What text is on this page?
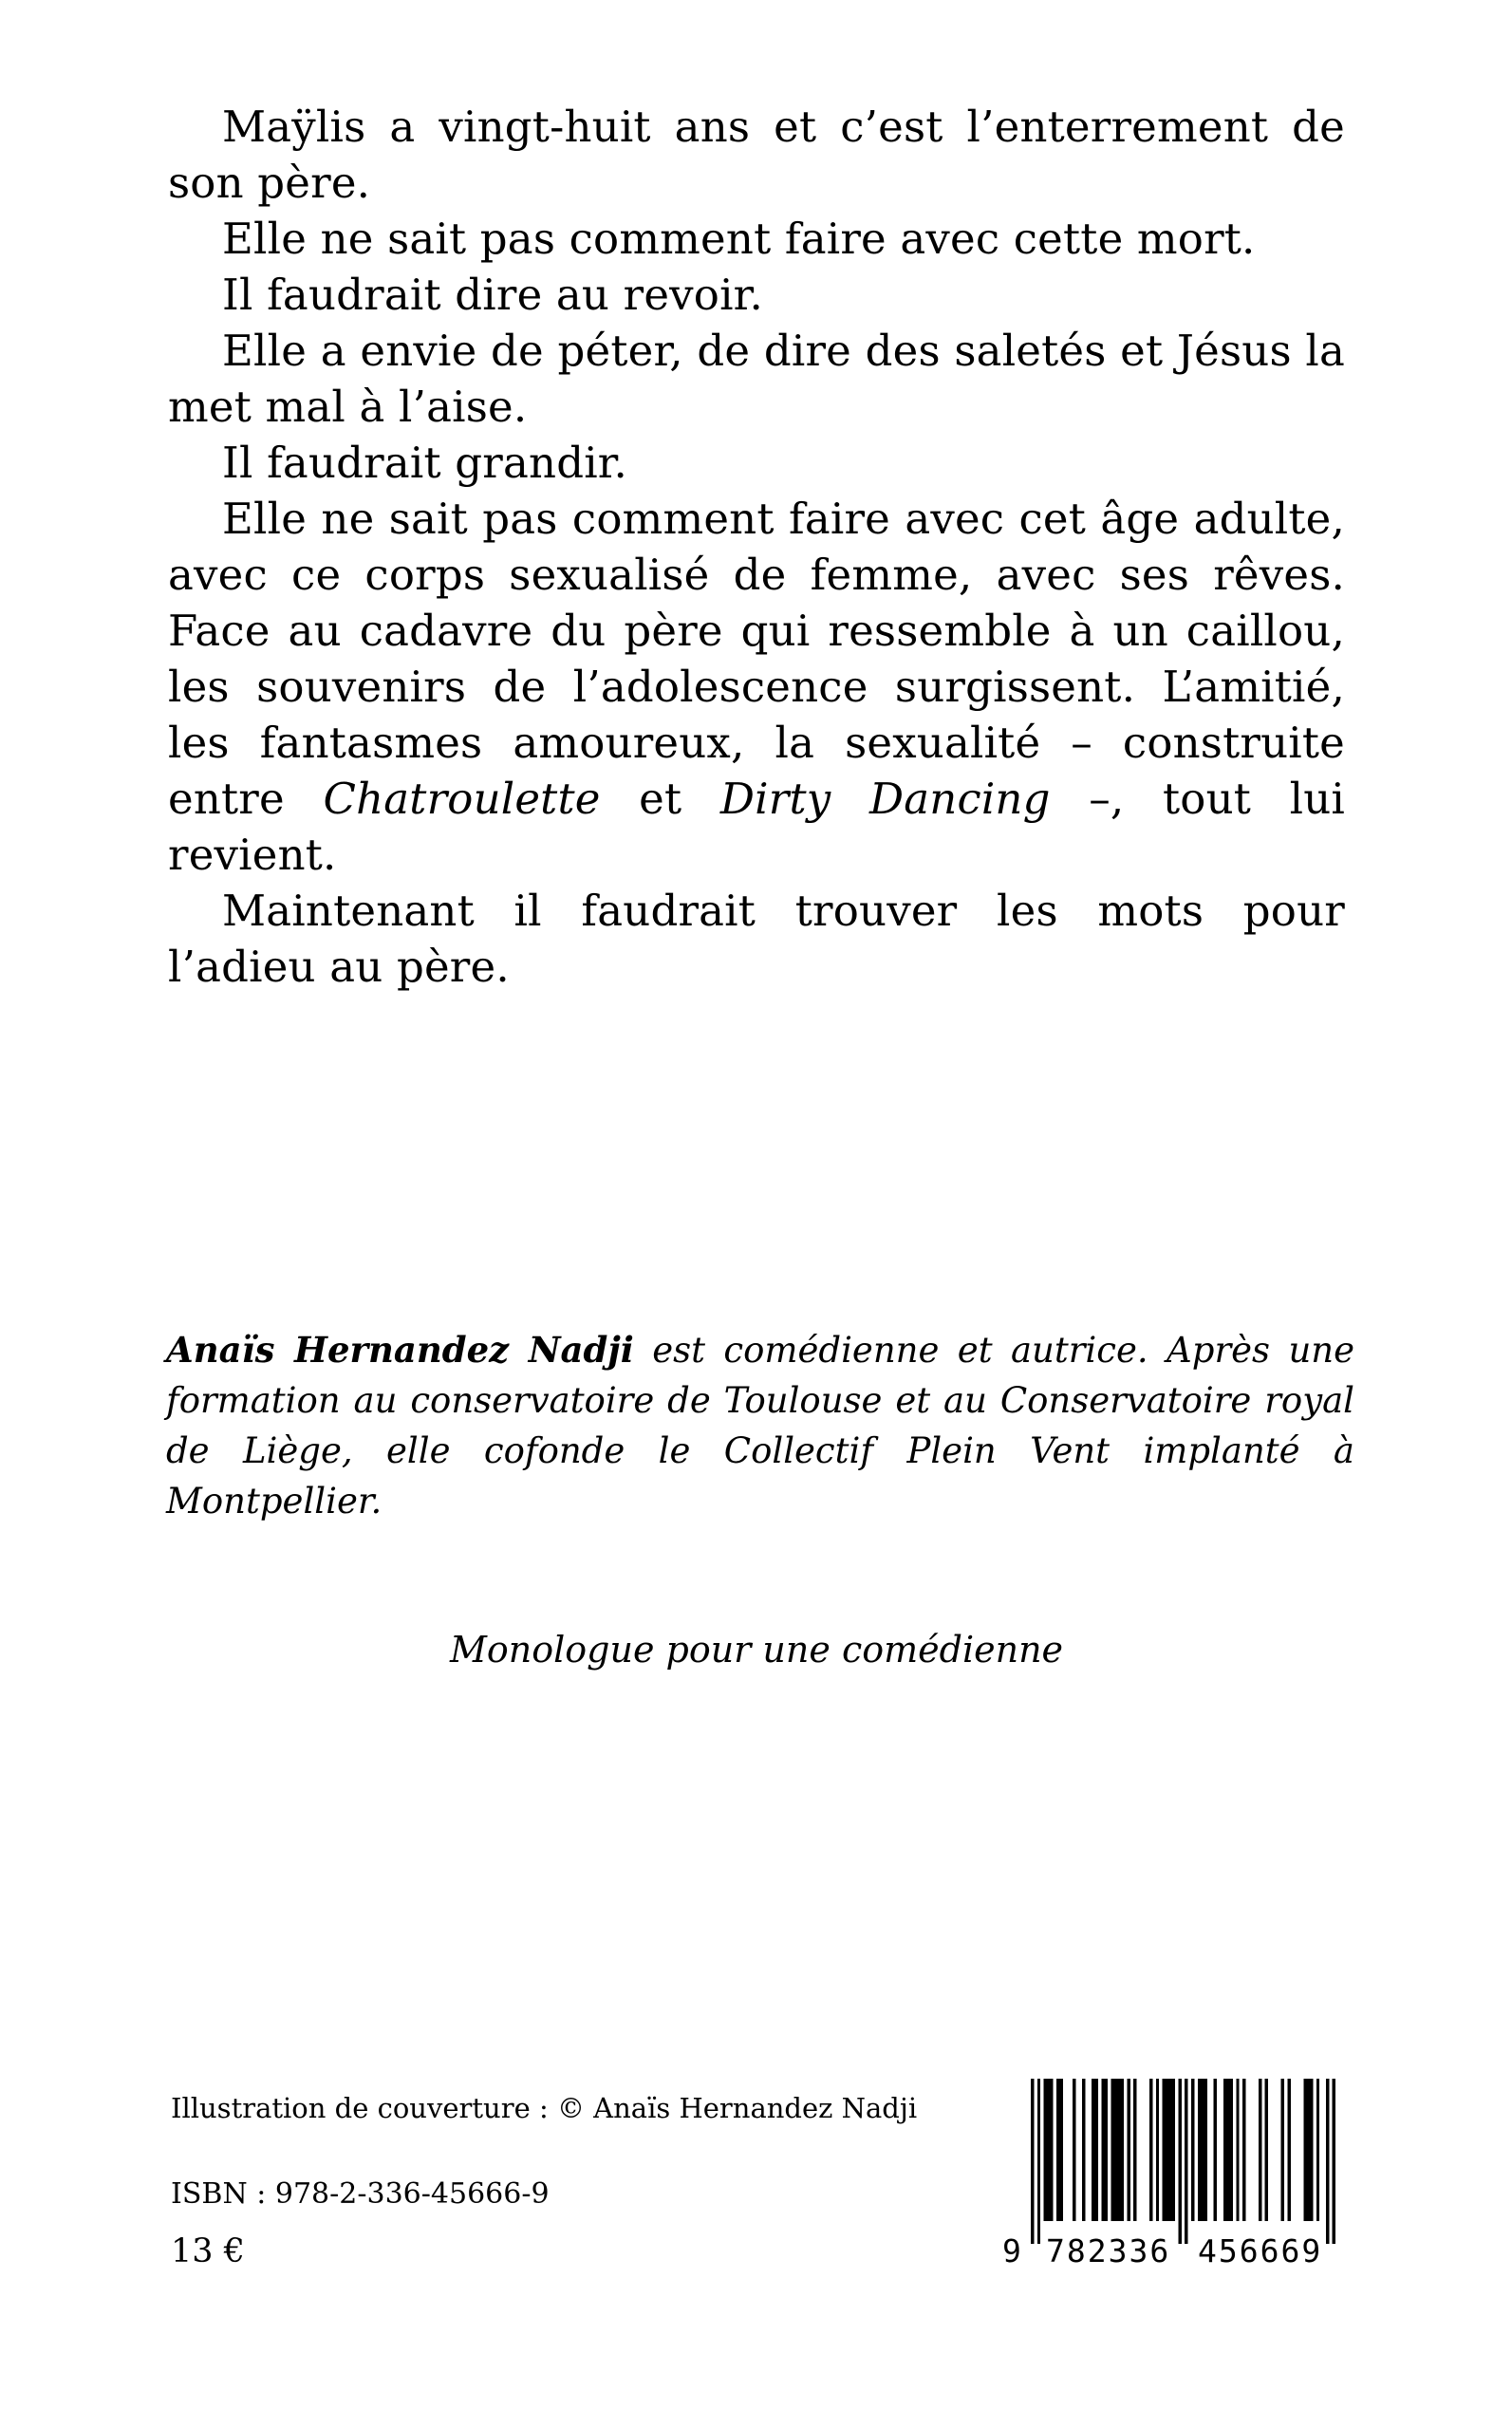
Maÿlis a vingt-huit ans et c’est l’enterrement de son père.

Elle ne sait pas comment faire avec cette mort.

Il faudrait dire au revoir.

Elle a envie de péter, de dire des saletés et Jésus la met mal à l’aise.

Il faudrait grandir.

Elle ne sait pas comment faire avec cet âge adulte, avec ce corps sexualisé de femme, avec ses rêves. Face au cadavre du père qui ressemble à un caillou, les souvenirs de l’adolescence surgissent. L’amitié, les fantasmes amoureux, la sexualité – construite entre Chatroulette et Dirty Dancing –, tout lui revient.

Maintenant il faudrait trouver les mots pour l’adieu au père.

Anaïs Hernandez Nadji est comédienne et autrice. Après une formation au conservatoire de Toulouse et au Conservatoire royal de Liège, elle cofonde le Collectif Plein Vent implanté à Montpellier.

Monologue pour une comédienne

Illustration de couverture : © Anaïs Hernandez Nadji

ISBN : 978-2-336-45666-9

13 €	9 782336 456669
